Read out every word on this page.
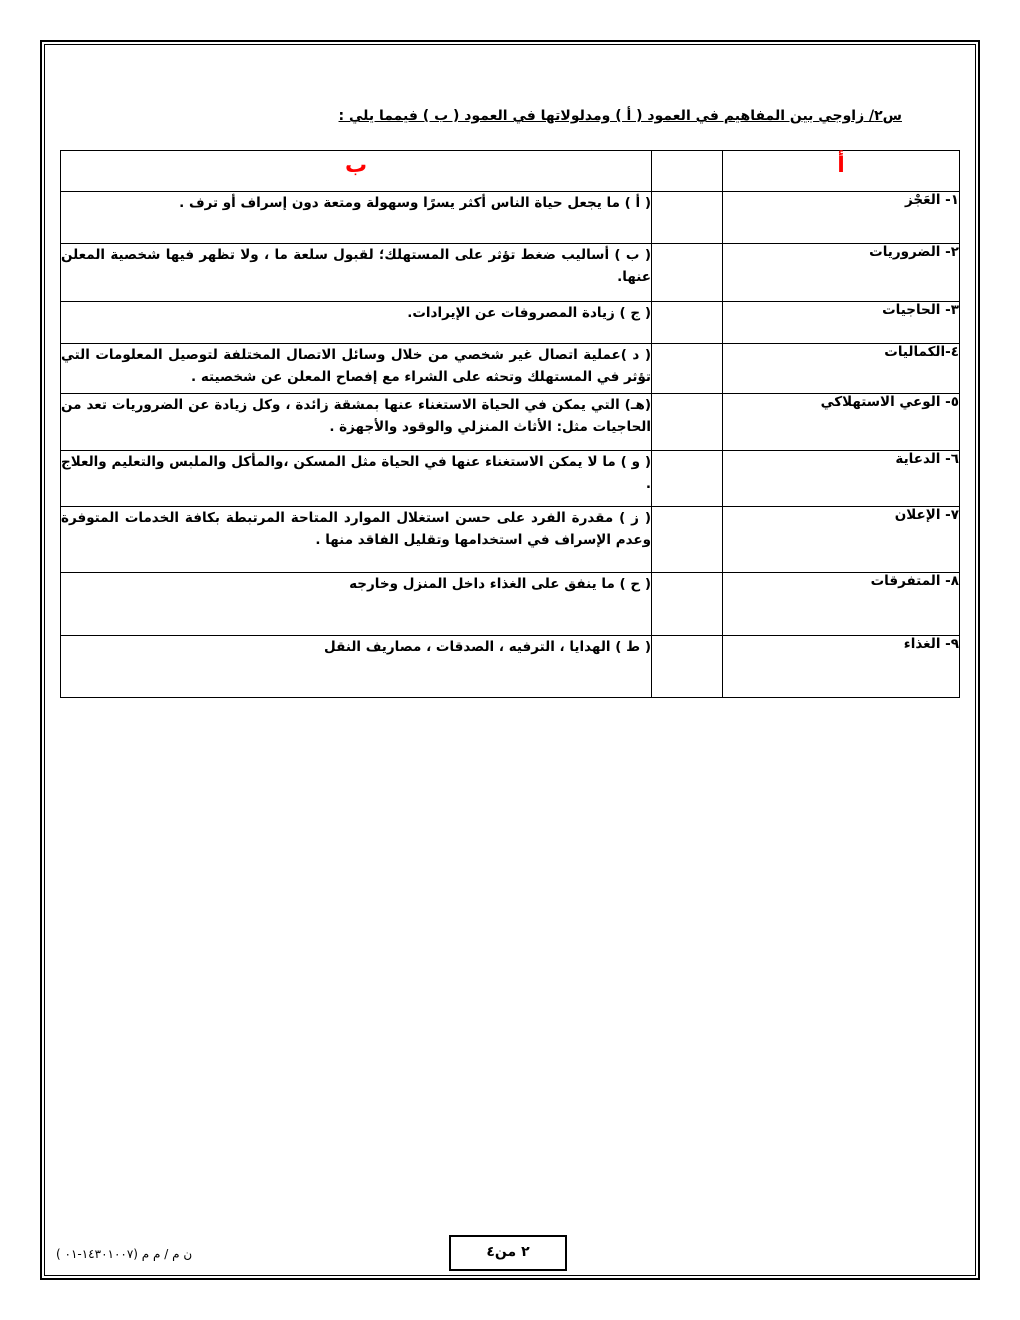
س٢/ زاوجي بين المفاهيم في العمود ( أ ) ومدلولاتها في العمود ( ب ) فيمما يلي :
أ		ب
١- العَجْز		( أ ) ما يجعل حياة الناس أكثر يسرًا وسهولة ومتعة دون إسراف أو ترف .
٢- الضروريات		( ب ) أساليب ضغط تؤثر على المستهلك؛ لقبول سلعة ما ، ولا تظهر فيها شخصية المعلن عنها.
٣- الحاجيات		( ج ) زيادة المصروفات عن الإيرادات.
٤-الكماليات		( د )عملية اتصال غير شخصي من خلال وسائل الاتصال المختلفة لتوصيل المعلومات التي تؤثر في المستهلك وتحثه على الشراء مع إفصاح المعلن عن شخصيته .
٥- الوعي الاستهلاكي		(هـ) التي يمكن في الحياة الاستغناء عنها بمشقة زائدة ، وكل زيادة عن الضروريات تعد من الحاجيات مثل: الأثاث المنزلي والوقود والأجهزة .
٦- الدعاية		( و ) ما لا يمكن الاستغناء عنها في الحياة مثل المسكن ،والمأكل والملبس والتعليم والعلاج .
٧- الإعلان		( ز ) مقدرة الفرد على حسن استغلال الموارد المتاحة المرتبطة بكافة الخدمات المتوفرة وعدم الإسراف في استخدامها وتقليل الفاقد منها .
٨- المتفرقات		( ح ) ما ينفق على الغذاء داخل المنزل وخارجه
٩- الغذاء		( ط ) الهدايا ، الترفيه ، الصدقات ، مصاريف النقل
٢ من٤
ن م / م م (١٤٣٠١٠٠٧-٠١ )
